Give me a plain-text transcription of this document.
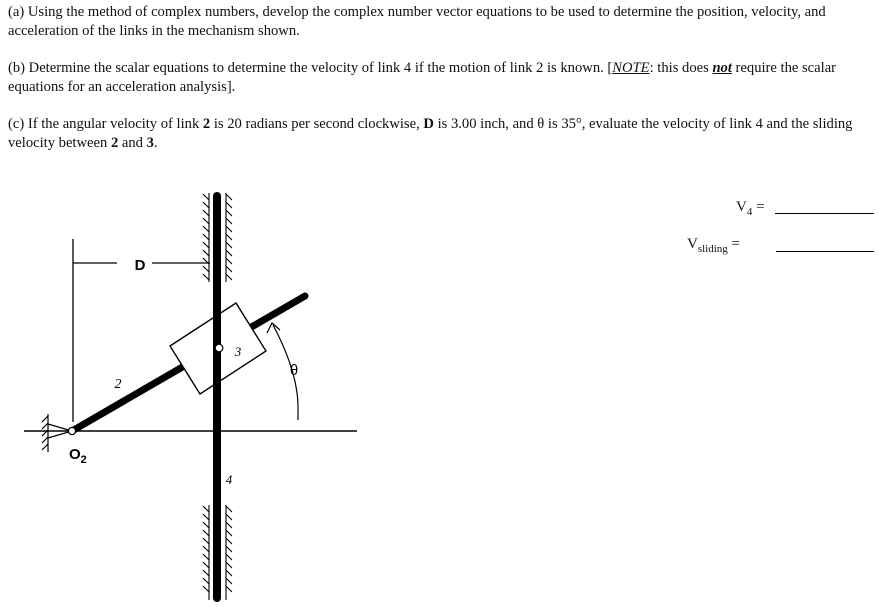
(a) Using the method of complex numbers, develop the complex number vector equations to be used to determine the position, velocity, and acceleration of the links in the mechanism shown.

(b) Determine the scalar equations to determine the velocity of link 4 if the motion of link 2 is known. [NOTE: this does not require the scalar equations for an acceleration analysis].

(c) If the angular velocity of link 2 is 20 radians per second clockwise, D is 3.00 inch, and θ is 35°, evaluate the velocity of link 4 and the sliding velocity between 2 and 3.

D
θ
2
3
4
$O_2$
$V_4$ =
$V_{sliding}$ =
